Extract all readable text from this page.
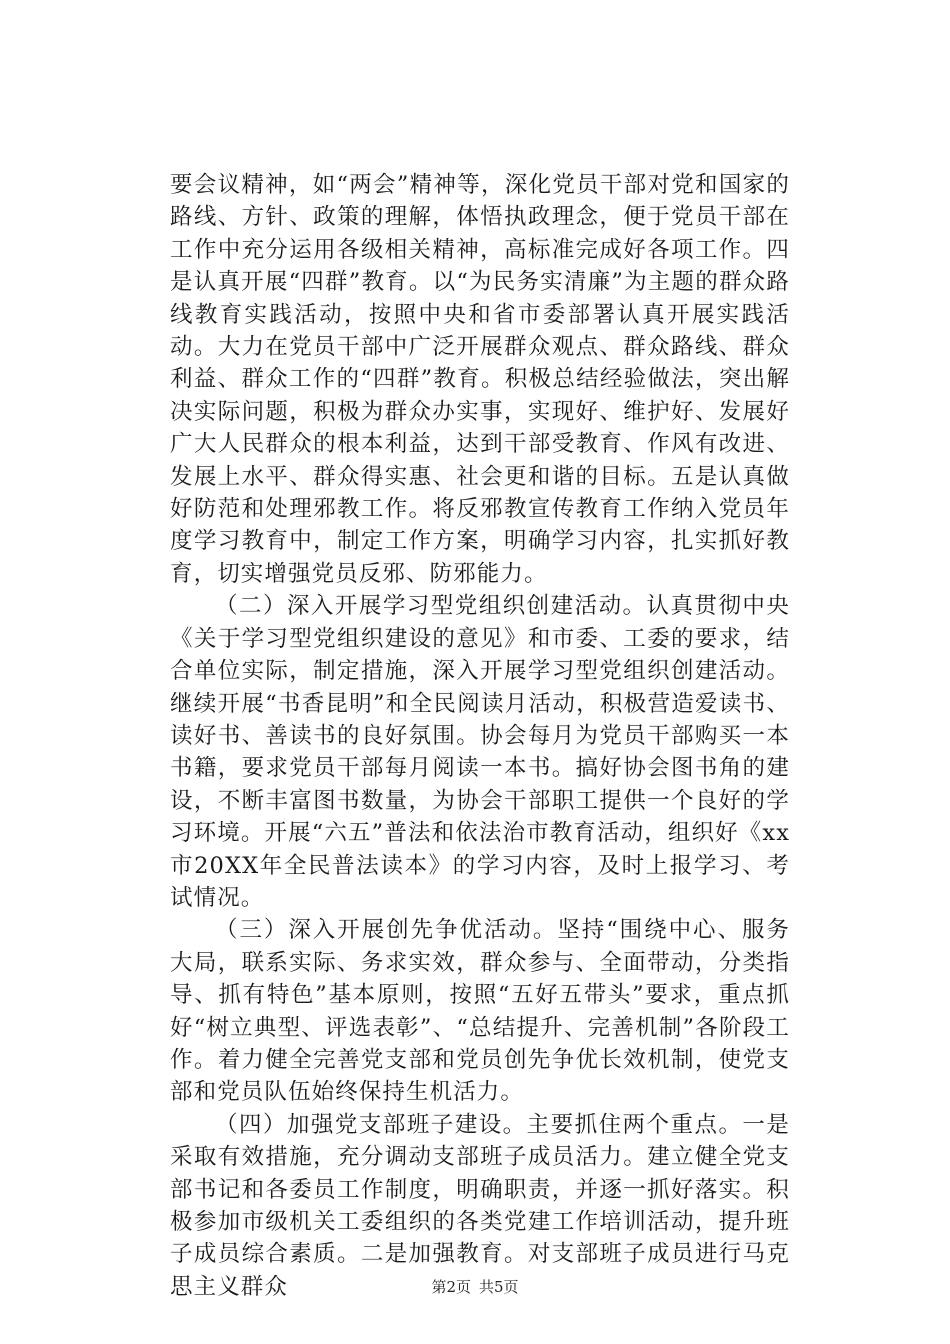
要会议精神，如“两会”精神等，深化党员干部对党和国家的路线、方针、政策的理解，体悟执政理念，便于党员干部在工作中充分运用各级相关精神，高标准完成好各项工作。四是认真开展“四群”教育。以“为民务实清廉”为主题的群众路线教育实践活动，按照中央和省市委部署认真开展实践活动。大力在党员干部中广泛开展群众观点、群众路线、群众利益、群众工作的“四群”教育。积极总结经验做法，突出解决实际问题，积极为群众办实事，实现好、维护好、发展好广大人民群众的根本利益，达到干部受教育、作风有改进、发展上水平、群众得实惠、社会更和谐的目标。五是认真做好防范和处理邪教工作。将反邪教宣传教育工作纳入党员年度学习教育中，制定工作方案，明确学习内容，扎实抓好教育，切实增强党员反邪、防邪能力。

（二）深入开展学习型党组织创建活动。认真贯彻中央《关于学习型党组织建设的意见》和市委、工委的要求，结合单位实际，制定措施，深入开展学习型党组织创建活动。继续开展“书香昆明”和全民阅读月活动，积极营造爱读书、读好书、善读书的良好氛围。协会每月为党员干部购买一本书籍，要求党员干部每月阅读一本书。搞好协会图书角的建设，不断丰富图书数量，为协会干部职工提供一个良好的学习环境。开展“六五”普法和依法治市教育活动，组织好《xx市20XX年全民普法读本》的学习内容，及时上报学习、考试情况。

（三）深入开展创先争优活动。坚持“围绕中心、服务大局，联系实际、务求实效，群众参与、全面带动，分类指导、抓有特色”基本原则，按照“五好五带头”要求，重点抓好“树立典型、评选表彰”、“总结提升、完善机制”各阶段工作。着力健全完善党支部和党员创先争优长效机制，使党支部和党员队伍始终保持生机活力。

（四）加强党支部班子建设。主要抓住两个重点。一是采取有效措施，充分调动支部班子成员活力。建立健全党支部书记和各委员工作制度，明确职责，并逐一抓好落实。积极参加市级机关工委组织的各类党建工作培训活动，提升班子成员综合素质。二是加强教育。对支部班子成员进行马克思主义群众	第2页 共5页
